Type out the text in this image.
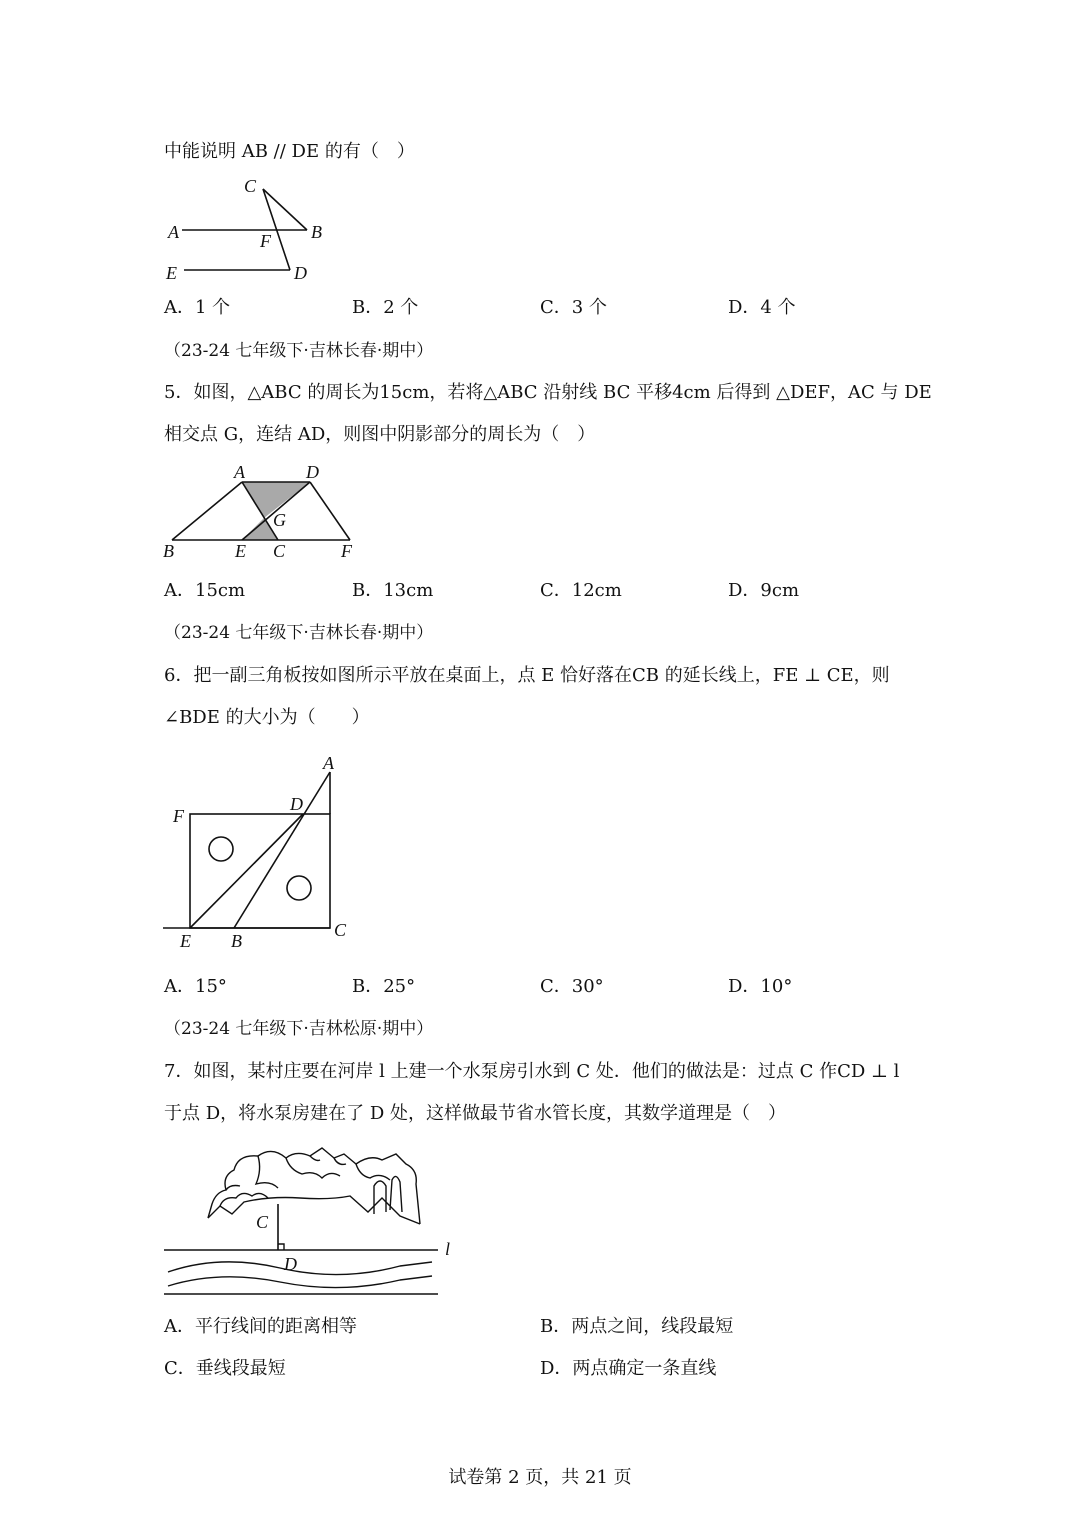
中能说明 AB // DE 的有（　）
C
A	F B
E	D
A．1 个	B．2 个	C．3 个	D．4 个
（23-24 七年级下·吉林长春·期中）
5．如图，△ABC 的周长为15cm，若将△ABC 沿射线 BC 平移4cm 后得到 △DEF，AC 与 DE
相交点 G，连结 AD，则图中阴影部分的周长为（　）
A	D
G
B	E C	F
A．15cm	B．13cm	C．12cm	D．9cm
（23-24 七年级下·吉林长春·期中）
6．把一副三角板按如图所示平放在桌面上，点 E 恰好落在CB 的延长线上，FE ⊥ CE，则
∠BDE 的大小为（　　）
A
F
D
E B
C
A．15°	B．25°	C．30°	D．10°
（23-24 七年级下·吉林松原·期中）
7．如图，某村庄要在河岸 l 上建一个水泵房引水到 C 处．他们的做法是：过点 C 作CD ⊥ l
于点 D，将水泵房建在了 D 处，这样做最节省水管长度，其数学道理是（　）
C
D
l
A．平行线间的距离相等	B．两点之间，线段最短
C．垂线段最短	D．两点确定一条直线
试卷第 2 页，共 21 页
